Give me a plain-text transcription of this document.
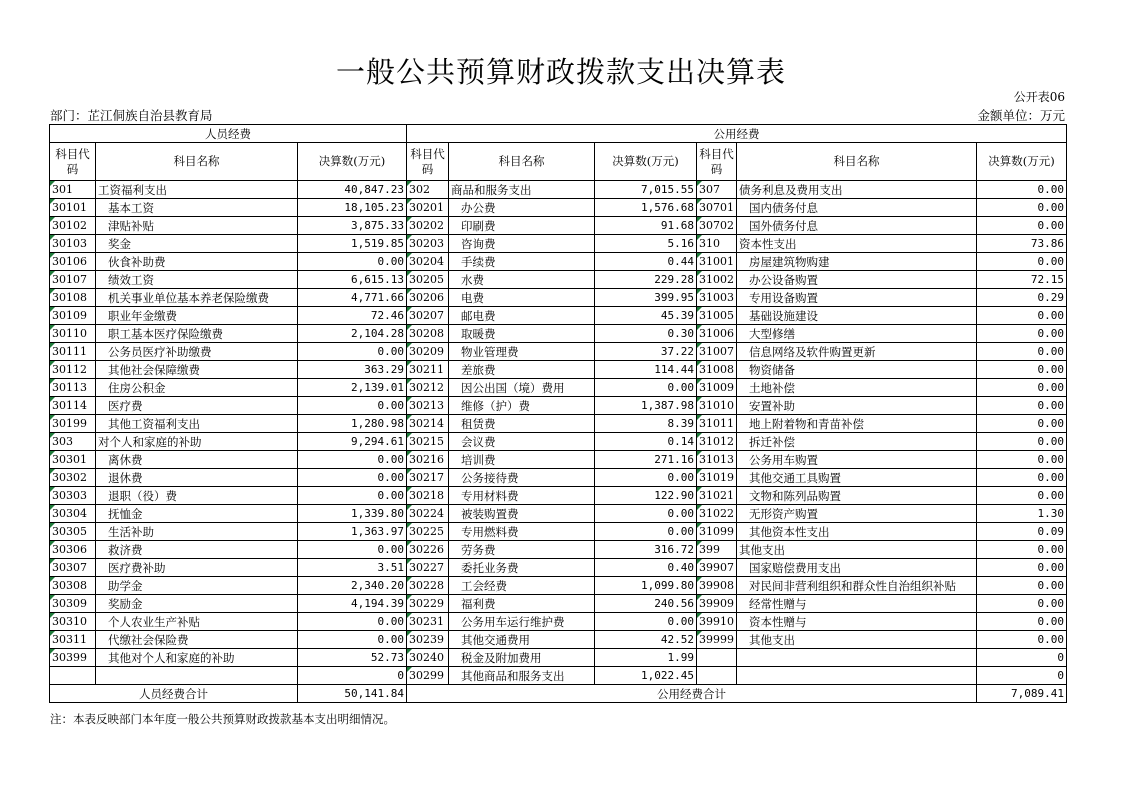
一般公共预算财政拨款支出决算表
公开表06
部门：芷江侗族自治县教育局	金额单位：万元
人员经费			公用经费					
科目代码	科目名称	决算数(万元)	科目代码	科目名称	决算数(万元)	科目代码	科目名称	决算数(万元)
301	工资福利支出	40,847.23	302	商品和服务支出	7,015.55	307	债务利息及费用支出	0.00
30101	基本工资	18,105.23	30201	办公费	1,576.68	30701	国内债务付息	0.00
30102	津贴补贴	3,875.33	30202	印刷费	91.68	30702	国外债务付息	0.00
30103	奖金	1,519.85	30203	咨询费	5.16	310	资本性支出	73.86
30106	伙食补助费	0.00	30204	手续费	0.44	31001	房屋建筑物购建	0.00
30107	绩效工资	6,615.13	30205	水费	229.28	31002	办公设备购置	72.15
30108	机关事业单位基本养老保险缴费	4,771.66	30206	电费	399.95	31003	专用设备购置	0.29
30109	职业年金缴费	72.46	30207	邮电费	45.39	31005	基础设施建设	0.00
30110	职工基本医疗保险缴费	2,104.28	30208	取暖费	0.30	31006	大型修缮	0.00
30111	公务员医疗补助缴费	0.00	30209	物业管理费	37.22	31007	信息网络及软件购置更新	0.00
30112	其他社会保障缴费	363.29	30211	差旅费	114.44	31008	物资储备	0.00
30113	住房公积金	2,139.01	30212	因公出国（境）费用	0.00	31009	土地补偿	0.00
30114	医疗费	0.00	30213	维修（护）费	1,387.98	31010	安置补助	0.00
30199	其他工资福利支出	1,280.98	30214	租赁费	8.39	31011	地上附着物和青苗补偿	0.00
303	对个人和家庭的补助	9,294.61	30215	会议费	0.14	31012	拆迁补偿	0.00
30301	离休费	0.00	30216	培训费	271.16	31013	公务用车购置	0.00
30302	退休费	0.00	30217	公务接待费	0.00	31019	其他交通工具购置	0.00
30303	退职（役）费	0.00	30218	专用材料费	122.90	31021	文物和陈列品购置	0.00
30304	抚恤金	1,339.80	30224	被装购置费	0.00	31022	无形资产购置	1.30
30305	生活补助	1,363.97	30225	专用燃料费	0.00	31099	其他资本性支出	0.09
30306	救济费	0.00	30226	劳务费	316.72	399	其他支出	0.00
30307	医疗费补助	3.51	30227	委托业务费	0.40	39907	国家赔偿费用支出	0.00
30308	助学金	2,340.20	30228	工会经费	1,099.80	39908	对民间非营利组织和群众性自治组织补贴	0.00
30309	奖励金	4,194.39	30229	福利费	240.56	39909	经常性赠与	0.00
30310	个人农业生产补贴	0.00	30231	公务用车运行维护费	0.00	39910	资本性赠与	0.00
30311	代缴社会保险费	0.00	30239	其他交通费用	42.52	39999	其他支出	0.00
30399	其他对个人和家庭的补助	52.73	30240	税金及附加费用	1.99			0
		0	30299	其他商品和服务支出	1,022.45			0
人员经费合计		50,141.84	公用经费合计					7,089.41
注：本表反映部门本年度一般公共预算财政拨款基本支出明细情况。
